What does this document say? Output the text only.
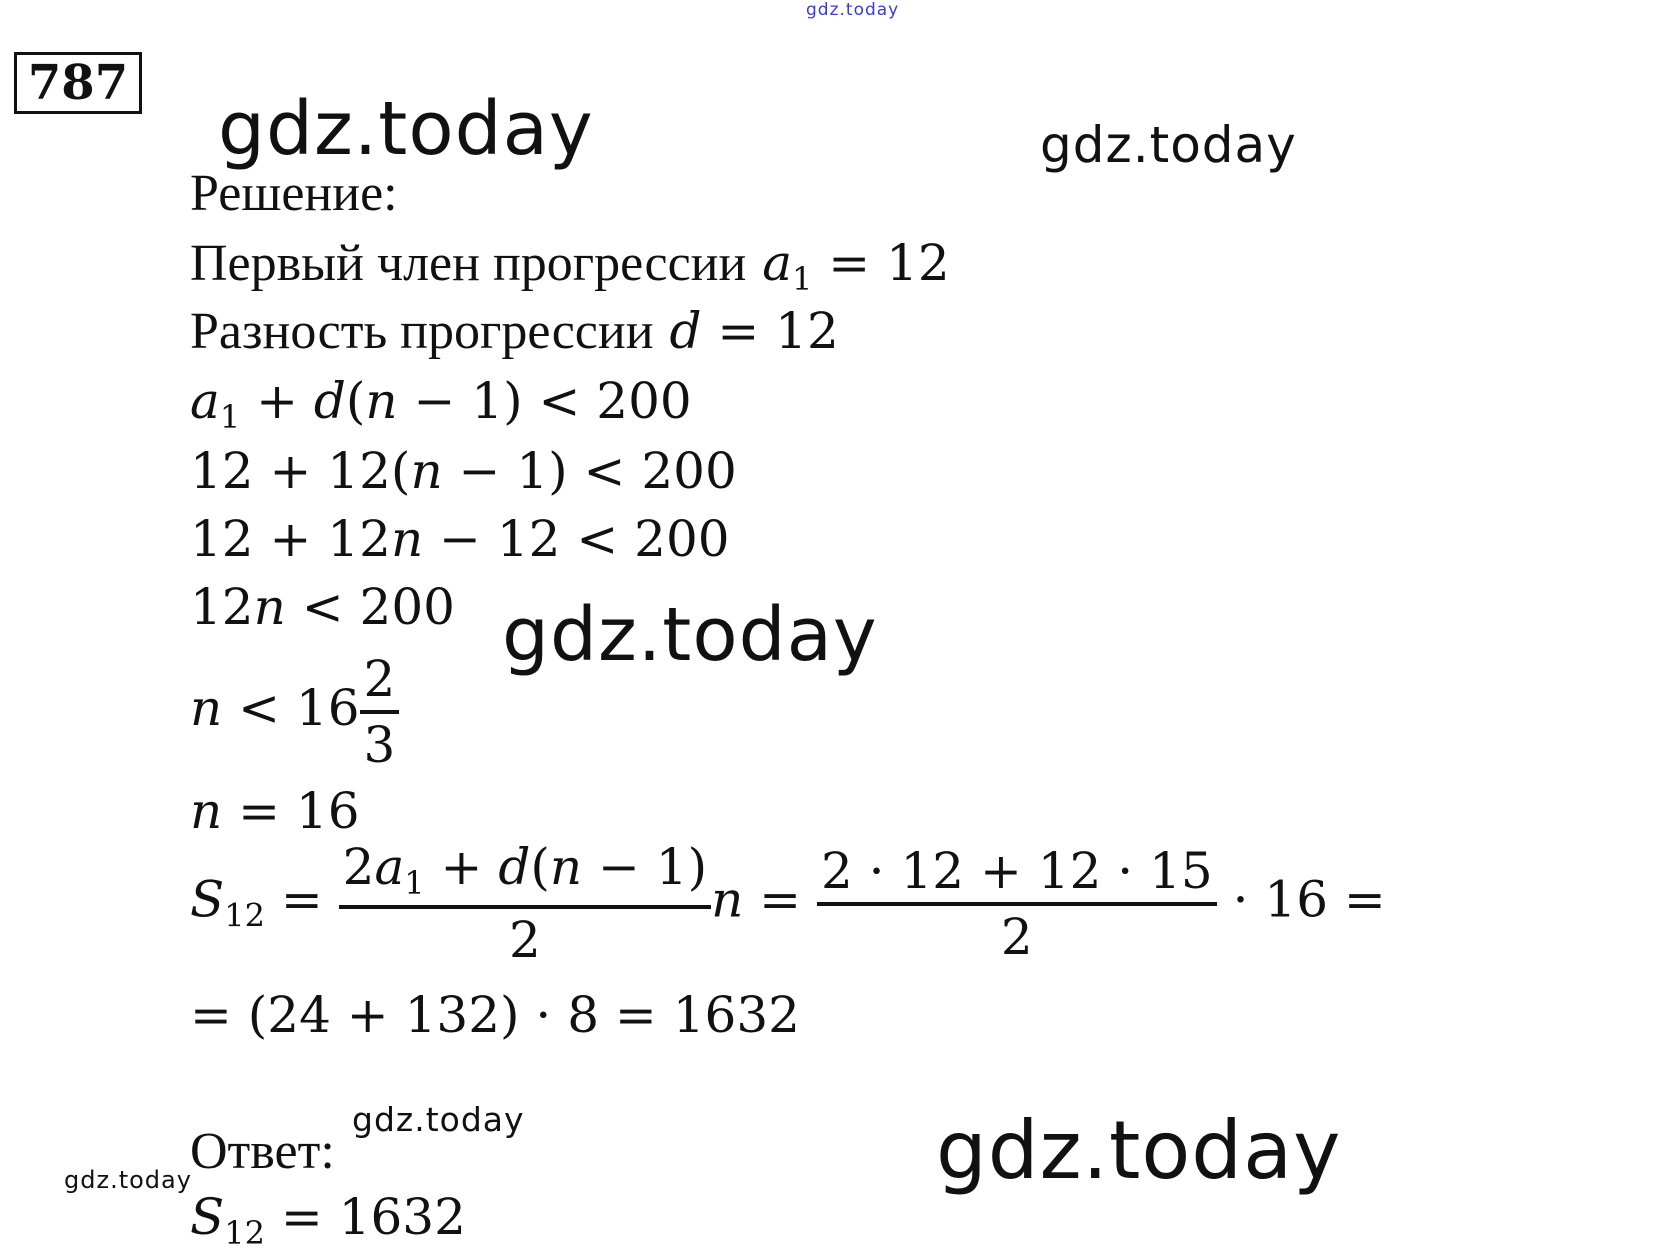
gdz.today
gdz.today	gdz.today
gdz.today
gdz.today	gdz.today
gdz.today
787
Решение:
Первый член прогрессии $a_1 = 12$
Разность прогрессии d = 12
$a_1 + d(n - 1) < 200$
12 + 12(n − 1) < 200
12 + 12n − 12 < 200
12n < 200
$n < 16 \frac{2}{3}$
n = 16
$S_{12} = \frac{2a_1 + d(n - 1)}{2}$ $n = \frac{2 \cdot 12 + 12 \cdot 15}{2} \cdot 16$ =
= (24 + 132) · 8 = 1632
Ответ:
$S_{12} = 1632$
